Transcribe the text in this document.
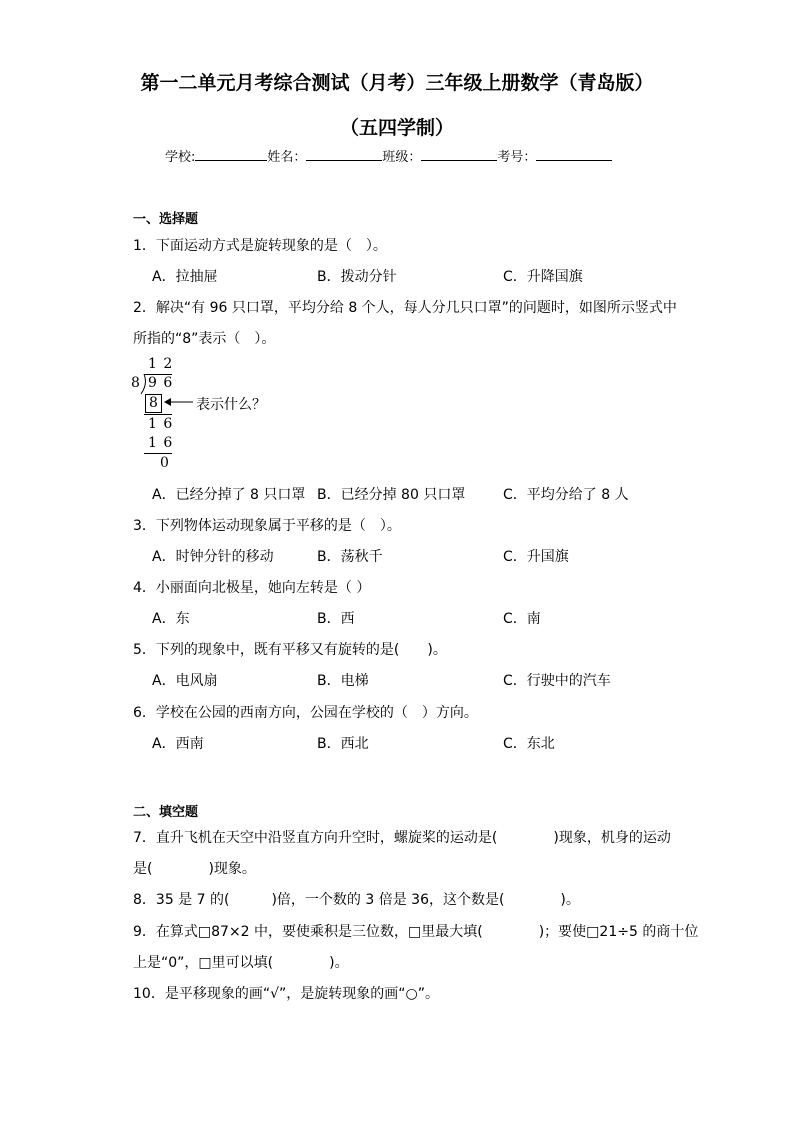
第一二单元月考综合测试（月考）三年级上册数学（青岛版）
（五四学制）
学校:	姓名：	班级：	考号：
一、选择题
1．下面运动方式是旋转现象的是（　）。
A．拉抽屉	B．拨动分针	C．升降国旗
2．解决“有 96 只口罩，平均分给 8 个人，每人分几只口罩”的问题时，如图所示竖式中
所指的“8”表示（　）。
1 2
8 9 6
8	表示什么？
1 6
1 6
0
A．已经分掉了 8 只口罩 B．已经分掉 80 只口罩	C．平均分给了 8 人
3．下列物体运动现象属于平移的是（　）。
A．时钟分针的移动	B．荡秋千	C．升国旗
4．小丽面向北极星，她向左转是（ ）
A．东	B．西	C．南
5．下列的现象中，既有平移又有旋转的是(　　)。
A．电风扇	B．电梯	C．行驶中的汽车
6．学校在公园的西南方向，公园在学校的（　）方向。
A．西南	B．西北	C．东北
二、填空题
7．直升飞机在天空中沿竖直方向升空时，螺旋桨的运动是(　　　　)现象，机身的运动
是(　　　　)现象。
8．35 是 7 的(　　　)倍，一个数的 3 倍是 36，这个数是(　　　　)。
9．在算式□87×2 中，要使乘积是三位数，□里最大填(　　　　)；要使□21÷5 的商十位
上是“0”，□里可以填(　　　　)。
10．是平移现象的画“√”，是旋转现象的画“○”。
